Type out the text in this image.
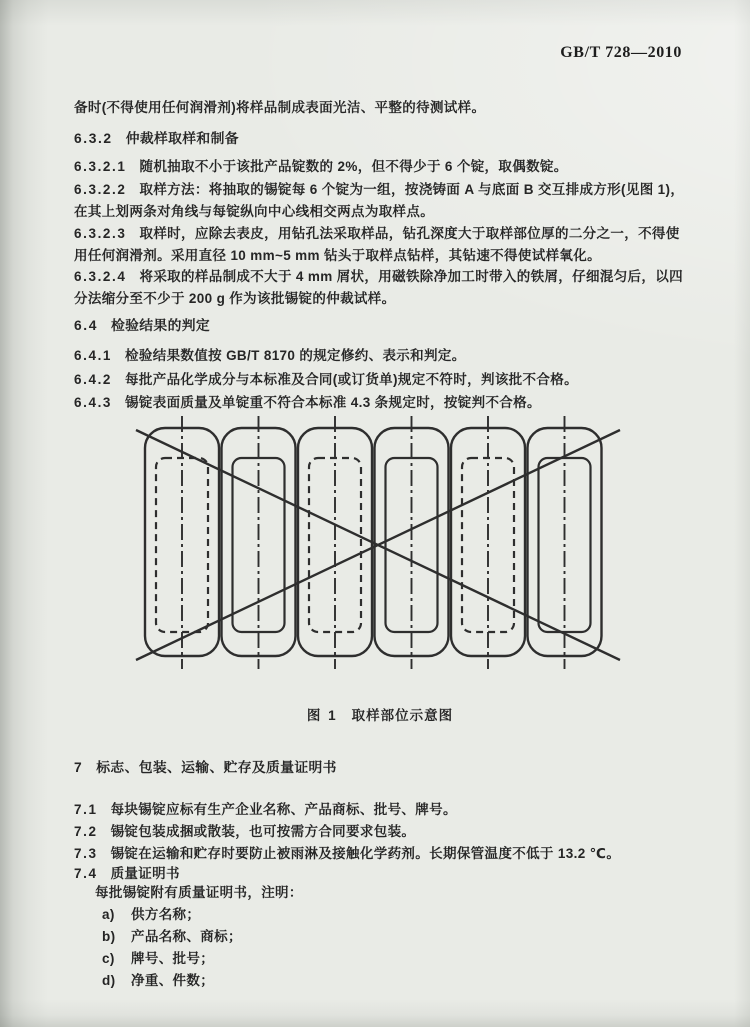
GB/T 728—2010

备时(不得使用任何润滑剂)将样品制成表面光洁、平整的待测试样。

6.3.2 仲裁样取样和制备

6.3.2.1 随机抽取不小于该批产品锭数的 2%，但不得少于 6 个锭，取偶数锭。

6.3.2.2 取样方法：将抽取的锡锭每 6 个锭为一组，按浇铸面 A 与底面 B 交互排成方形(见图 1)，在其上划两条对角线与每锭纵向中心线相交两点为取样点。

6.3.2.3 取样时，应除去表皮，用钻孔法采取样品，钻孔深度大于取样部位厚的二分之一，不得使用任何润滑剂。采用直径 10 mm~5 mm 钻头于取样点钻样，其钻速不得使试样氧化。

6.3.2.4 将采取的样品制成不大于 4 mm 屑状，用磁铁除净加工时带入的铁屑，仔细混匀后，以四分法缩分至不少于 200 g 作为该批锡锭的仲裁试样。

6.4 检验结果的判定

6.4.1 检验结果数值按 GB/T 8170 的规定修约、表示和判定。

6.4.2 每批产品化学成分与本标准及合同(或订货单)规定不符时，判该批不合格。

6.4.3 锡锭表面质量及单锭重不符合本标准 4.3 条规定时，按锭判不合格。

图 1 取样部位示意图

7 标志、包装、运输、贮存及质量证明书

7.1 每块锡锭应标有生产企业名称、产品商标、批号、牌号。

7.2 锡锭包装成捆或散装，也可按需方合同要求包装。

7.3 锡锭在运输和贮存时要防止被雨淋及接触化学药剂。长期保管温度不低于 13.2 ℃。

7.4 质量证明书

每批锡锭附有质量证明书，注明：

a) 供方名称；

b) 产品名称、商标；

c) 牌号、批号；

d) 净重、件数；
